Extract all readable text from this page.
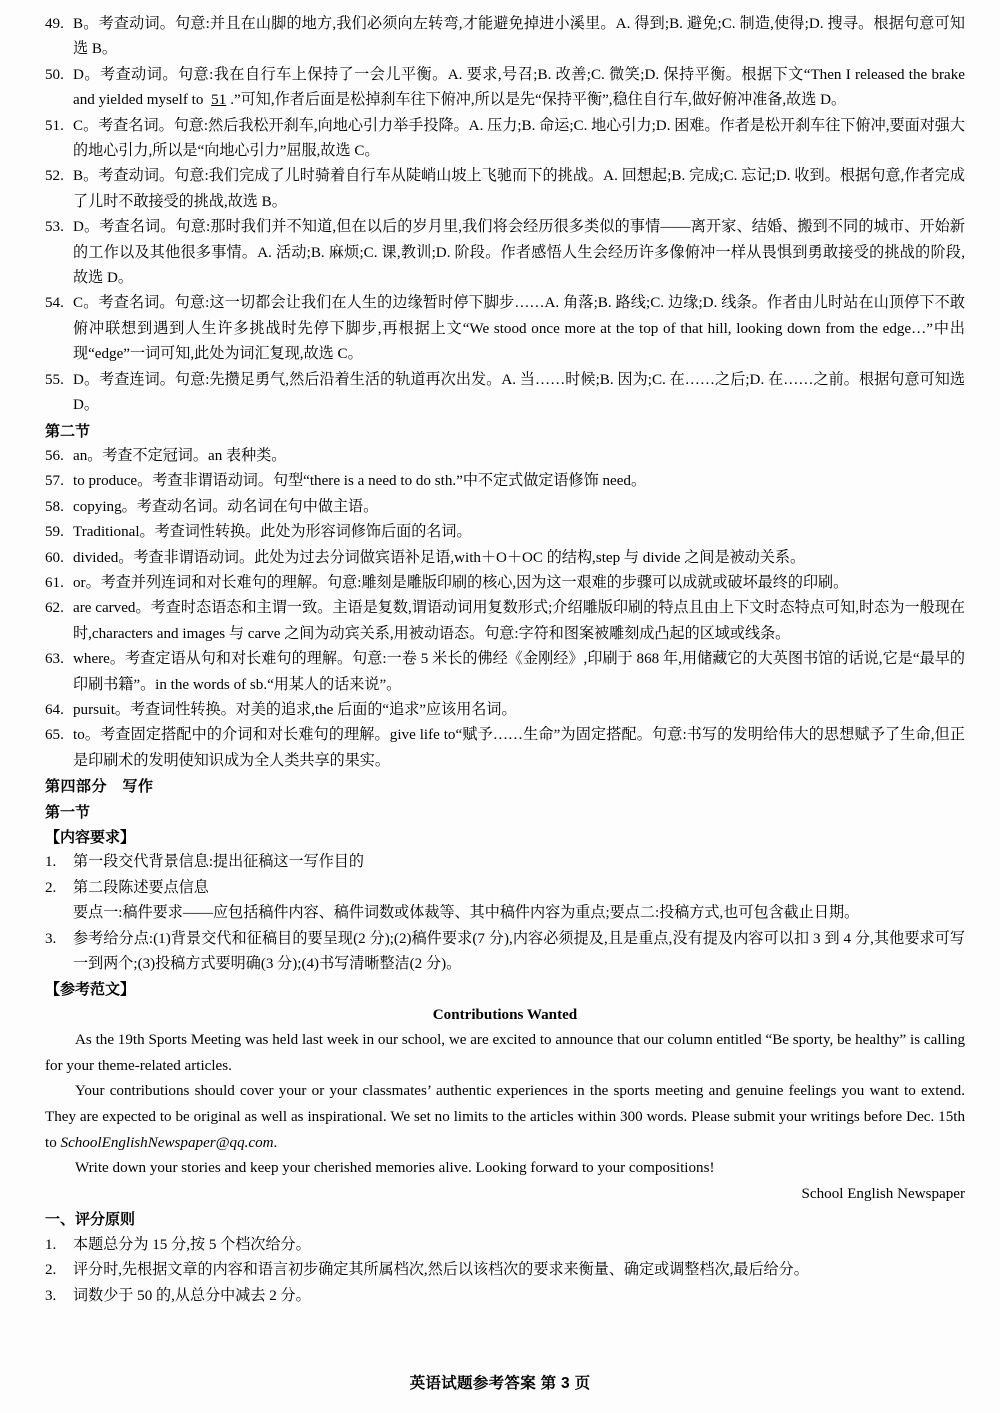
49. B。考查动词。句意:并且在山脚的地方,我们必须向左转弯,才能避免掉进小溪里。A. 得到;B. 避免;C. 制造,使得;D. 搜寻。根据句意可知选 B。
50. D。考查动词。句意:我在自行车上保持了一会儿平衡。A. 要求,号召;B. 改善;C. 微笑;D. 保持平衡。根据下文“Then I released the brake and yielded myself to 51 .”可知,作者后面是松掉刹车往下俯冲,所以是先“保持平衡”,稳住自行车,做好俯冲准备,故选 D。
51. C。考查名词。句意:然后我松开刹车,向地心引力举手投降。A. 压力;B. 命运;C. 地心引力;D. 困难。作者是松开刹车往下俯冲,要面对强大的地心引力,所以是“向地心引力”屈服,故选 C。
52. B。考查动词。句意:我们完成了儿时骑着自行车从陡峭山坡上飞驰而下的挑战。A. 回想起;B. 完成;C. 忘记;D. 收到。根据句意,作者完成了儿时不敢接受的挑战,故选 B。
53. D。考查名词。句意:那时我们并不知道,但在以后的岁月里,我们将会经历很多类似的事情——离开家、结婚、搬到不同的城市、开始新的工作以及其他很多事情。A. 活动;B. 麻烦;C. 课,教训;D. 阶段。作者感悟人生会经历许多像俯冲一样从畏惧到勇敢接受的挑战的阶段,故选 D。
54. C。考查名词。句意:这一切都会让我们在人生的边缘暂时停下脚步……A. 角落;B. 路线;C. 边缘;D. 线条。作者由儿时站在山顶停下不敢俯冲联想到遇到人生许多挑战时先停下脚步,再根据上文“We stood once more at the top of that hill, looking down from the edge…”中出现“edge”一词可知,此处为词汇复现,故选 C。
55. D。考查连词。句意:先攒足勇气,然后沿着生活的轨道再次出发。A. 当……时候;B. 因为;C. 在……之后;D. 在……之前。根据句意可知选 D。
第二节
56. an。考查不定冠词。an 表种类。
57. to produce。考查非谓语动词。句型“there is a need to do sth.”中不定式做定语修饰 need。
58. copying。考查动名词。动名词在句中做主语。
59. Traditional。考查词性转换。此处为形容词修饰后面的名词。
60. divided。考查非谓语动词。此处为过去分词做宾语补足语,with＋O＋OC 的结构,step 与 divide 之间是被动关系。
61. or。考查并列连词和对长难句的理解。句意:雕刻是雕版印刷的核心,因为这一艰难的步骤可以成就或破坏最终的印刷。
62. are carved。考查时态语态和主谓一致。主语是复数,谓语动词用复数形式;介绍雕版印刷的特点且由上下文时态特点可知,时态为一般现在时,characters and images 与 carve 之间为动宾关系,用被动语态。句意:字符和图案被雕刻成凸起的区域或线条。
63. where。考查定语从句和对长难句的理解。句意:一卷 5 米长的佛经《金刚经》,印刷于 868 年,用储藏它的大英图书馆的话说,它是“最早的印刷书籍”。in the words of sb.“用某人的话来说”。
64. pursuit。考查词性转换。对美的追求,the 后面的“追求”应该用名词。
65. to。考查固定搭配中的介词和对长难句的理解。give life to“赋予……生命”为固定搭配。句意:书写的发明给伟大的思想赋予了生命,但正是印刷术的发明使知识成为全人类共享的果实。
第四部分　写作
第一节
【内容要求】
1. 第一段交代背景信息:提出征稿这一写作目的
2. 第二段陈述要点信息
要点一:稿件要求——应包括稿件内容、稿件词数或体裁等、其中稿件内容为重点;要点二:投稿方式,也可包含截止日期。
3. 参考给分点:(1)背景交代和征稿目的要呈现(2 分);(2)稿件要求(7 分),内容必须提及,且是重点,没有提及内容可以扣 3 到 4 分,其他要求可写一到两个;(3)投稿方式要明确(3 分);(4)书写清晰整洁(2 分)。
【参考范文】
Contributions Wanted
As the 19th Sports Meeting was held last week in our school, we are excited to announce that our column entitled “Be sporty, be healthy” is calling for your theme-related articles.
Your contributions should cover your or your classmates’ authentic experiences in the sports meeting and genuine feelings you want to extend. They are expected to be original as well as inspirational. We set no limits to the articles within 300 words. Please submit your writings before Dec. 15th to SchoolEnglishNewspaper@qq.com.
Write down your stories and keep your cherished memories alive. Looking forward to your compositions!
School English Newspaper
一、评分原则
1. 本题总分为 15 分,按 5 个档次给分。
2. 评分时,先根据文章的内容和语言初步确定其所属档次,然后以该档次的要求来衡量、确定或调整档次,最后给分。
3. 词数少于 50 的,从总分中减去 2 分。
英语试题参考答案 第 3 页
